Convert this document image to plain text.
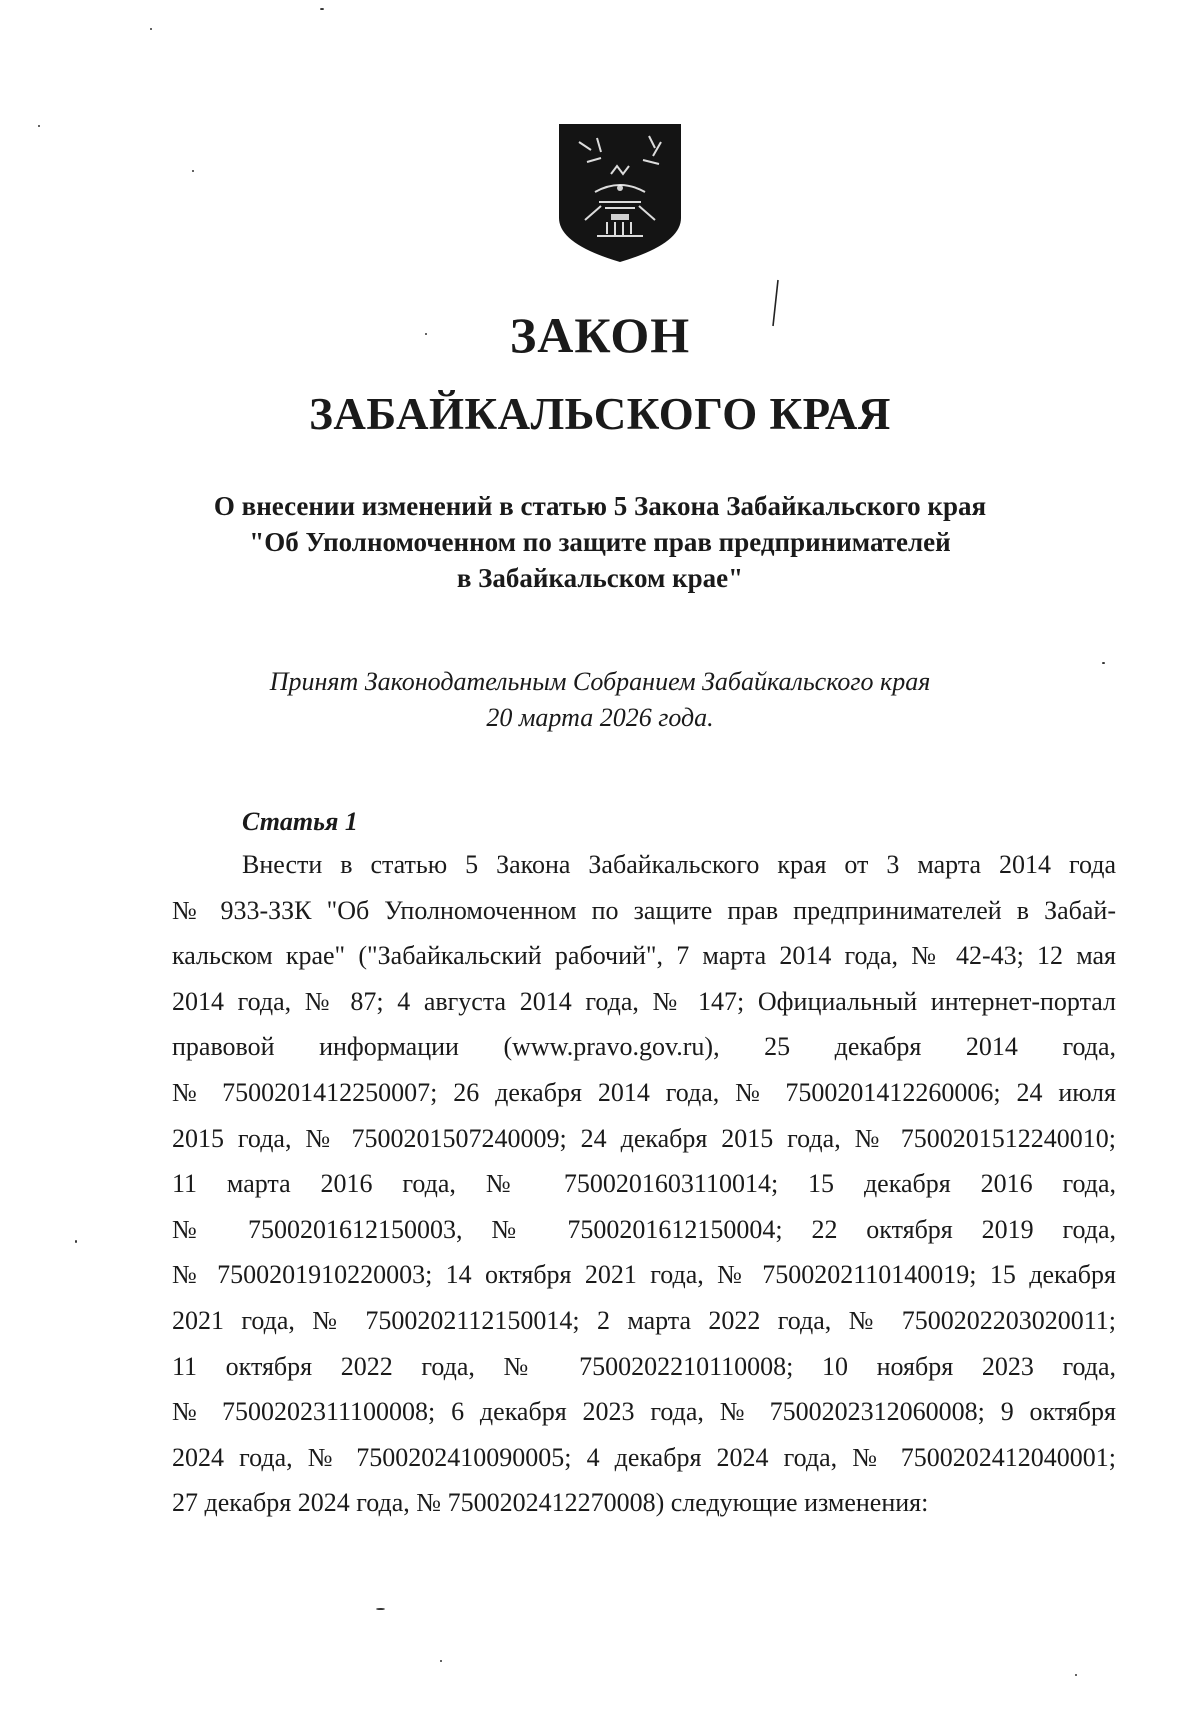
ЗАКОН
ЗАБАЙКАЛЬСКОГО КРАЯ
О внесении изменений в статью 5 Закона Забайкальского края
"Об Уполномоченном по защите прав предпринимателей
в Забайкальском крае"
Принят Законодательным Собранием Забайкальского края
20 марта 2026 года.
Статья 1
Внести в статью 5 Закона Забайкальского края от 3 марта 2014 года
№ 933-ЗЗК "Об Уполномоченном по защите прав предпринимателей в Забай-
кальском крае" ("Забайкальский рабочий", 7 марта 2014 года, № 42-43; 12 мая
2014 года, № 87; 4 августа 2014 года, № 147; Официальный интернет-портал
правовой информации (www.pravo.gov.ru), 25 декабря 2014 года,
№ 7500201412250007; 26 декабря 2014 года, № 7500201412260006; 24 июля
2015 года, № 7500201507240009; 24 декабря 2015 года, № 7500201512240010;
11 марта 2016 года, № 7500201603110014; 15 декабря 2016 года,
№ 7500201612150003, № 7500201612150004; 22 октября 2019 года,
№ 7500201910220003; 14 октября 2021 года, № 7500202110140019; 15 декабря
2021 года, № 7500202112150014; 2 марта 2022 года, № 7500202203020011;
11 октября 2022 года, № 7500202210110008; 10 ноября 2023 года,
№ 7500202311100008; 6 декабря 2023 года, № 7500202312060008; 9 октября
2024 года, № 7500202410090005; 4 декабря 2024 года, № 7500202412040001;
27 декабря 2024 года, № 7500202412270008) следующие изменения:
